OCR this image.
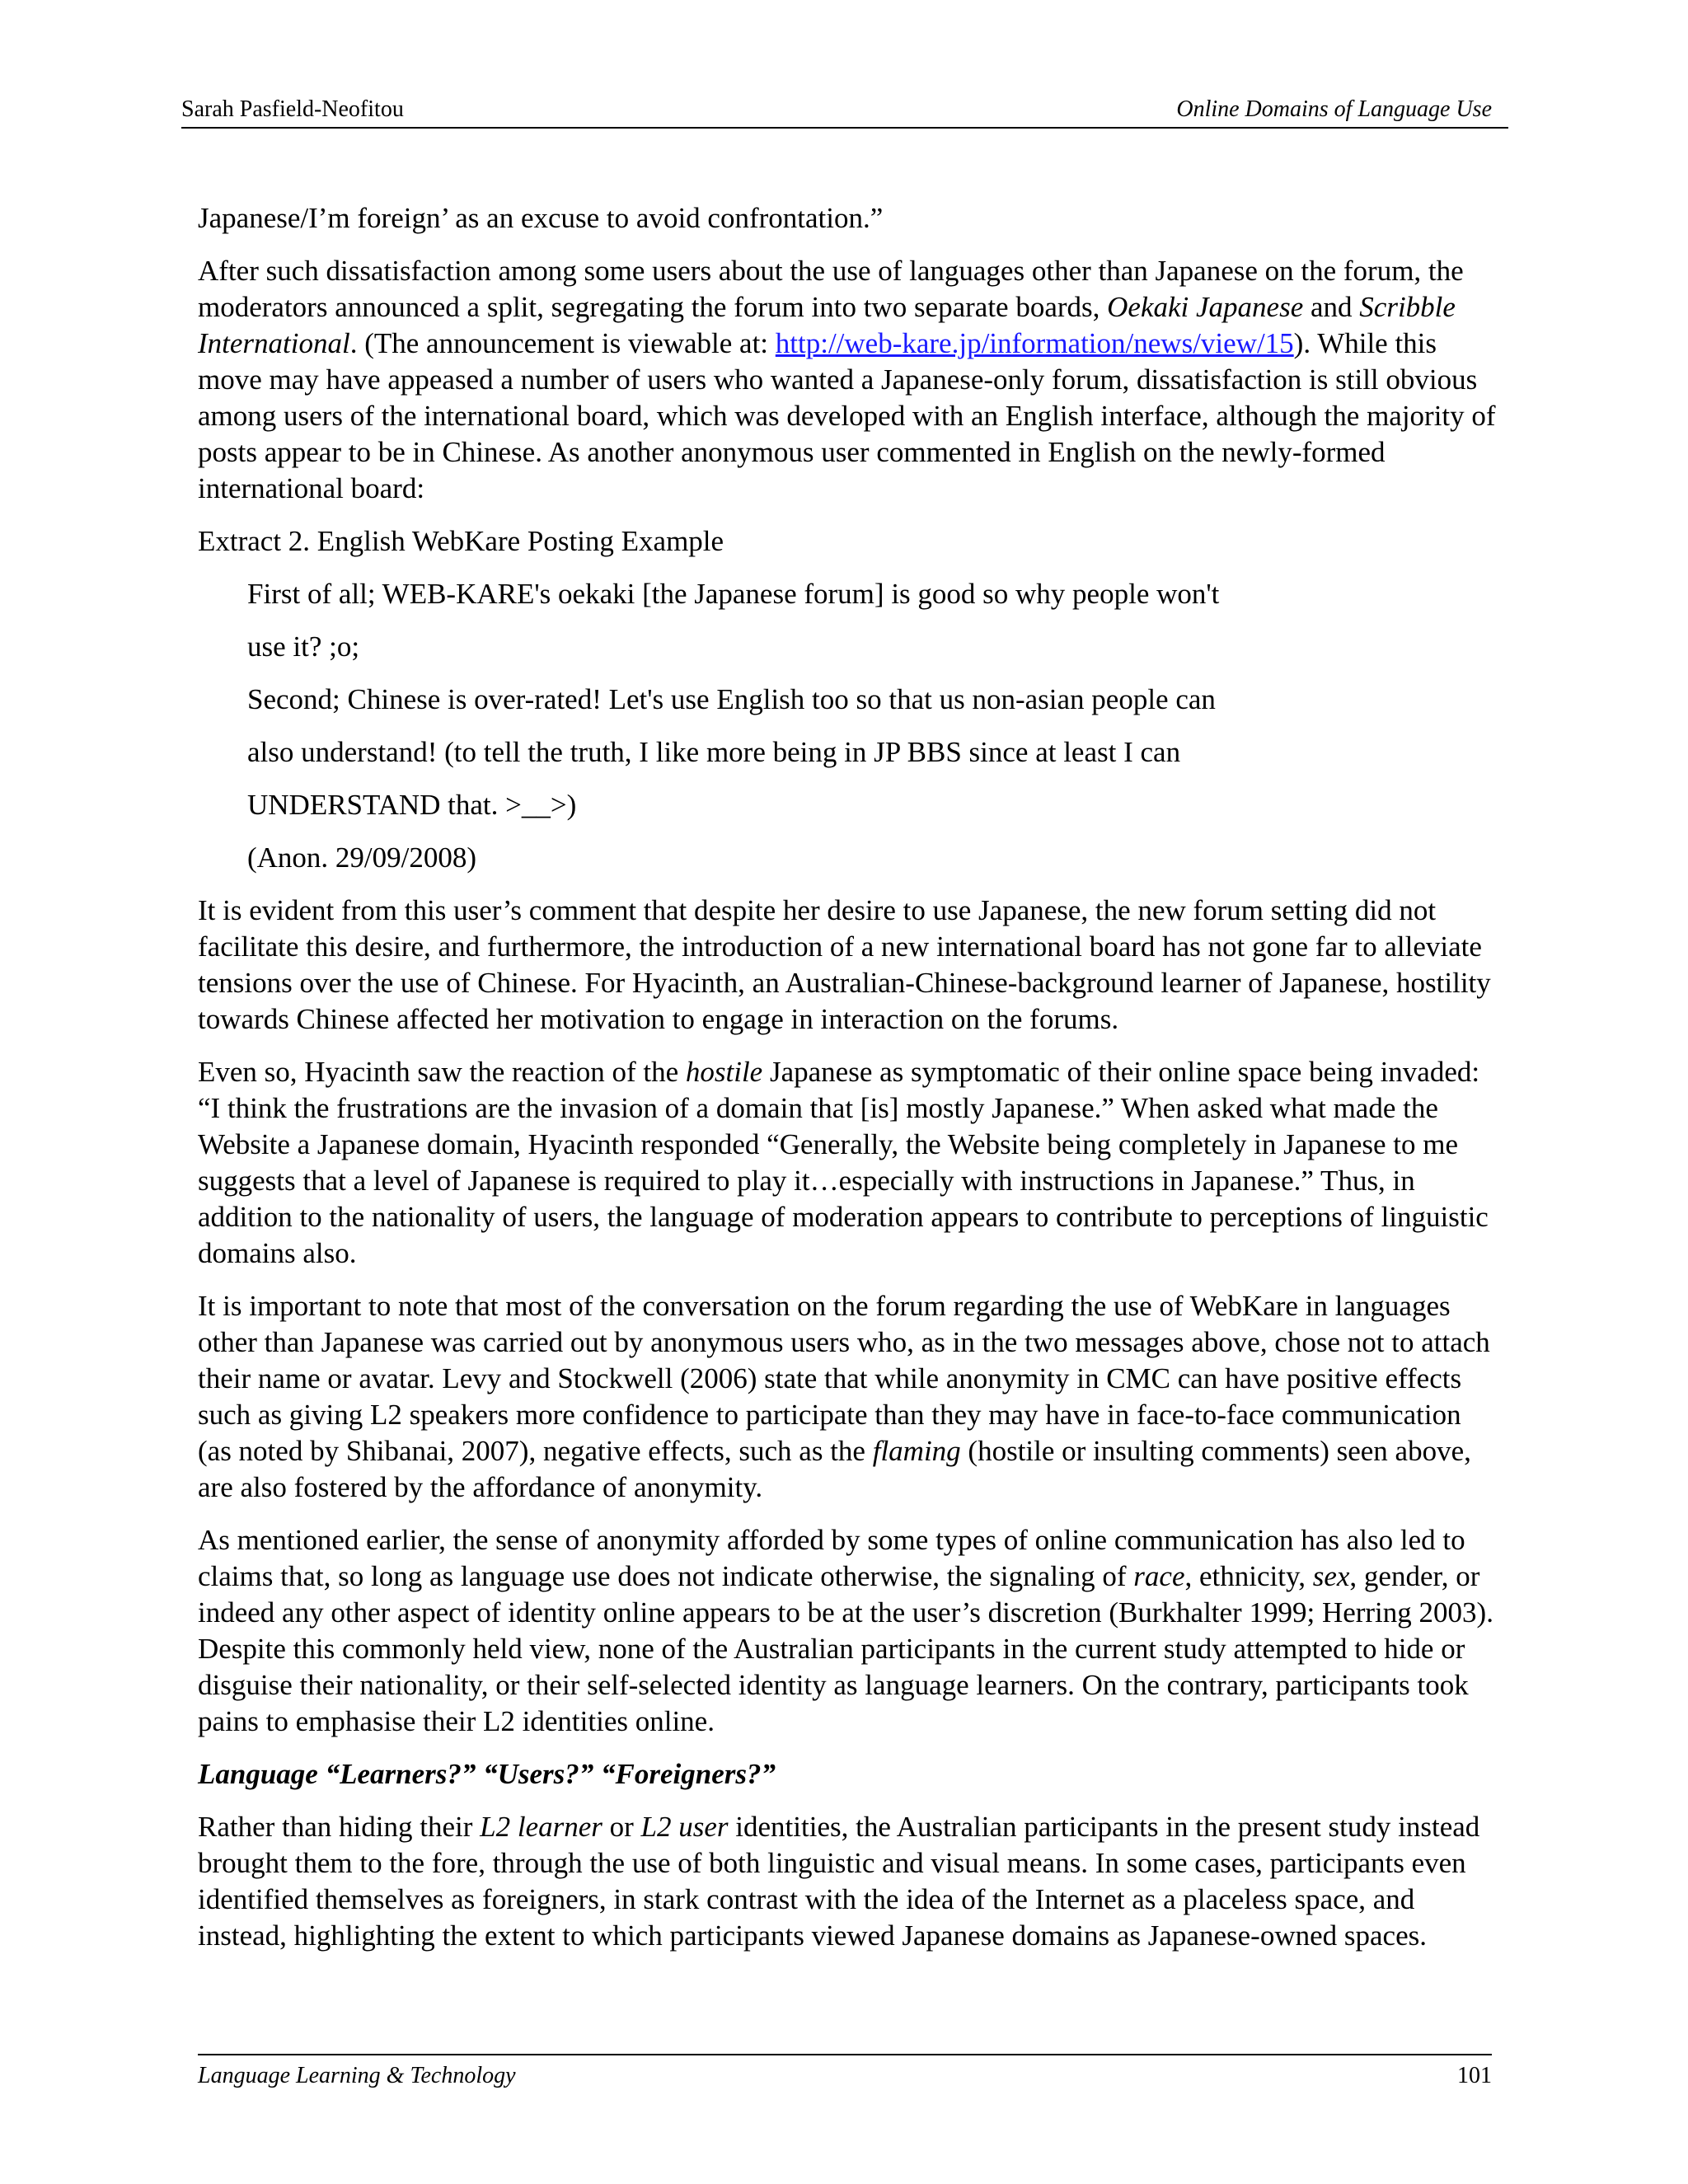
Sarah Pasfield-Neofitou	Online Domains of Language Use

Japanese/I’m foreign’ as an excuse to avoid confrontation.”

After such dissatisfaction among some users about the use of languages other than Japanese on the forum, the moderators announced a split, segregating the forum into two separate boards, Oekaki Japanese and Scribble International. (The announcement is viewable at: http://web-kare.jp/information/news/view/15). While this move may have appeased a number of users who wanted a Japanese-only forum, dissatisfaction is still obvious among users of the international board, which was developed with an English interface, although the majority of posts appear to be in Chinese. As another anonymous user commented in English on the newly-formed international board:

Extract 2. English WebKare Posting Example

First of all; WEB-KARE's oekaki [the Japanese forum] is good so why people won't
use it? ;o;
Second; Chinese is over-rated! Let's use English too so that us non-asian people can
also understand! (to tell the truth, I like more being in JP BBS since at least I can
UNDERSTAND that. >__>)
(Anon. 29/09/2008)

It is evident from this user’s comment that despite her desire to use Japanese, the new forum setting did not facilitate this desire, and furthermore, the introduction of a new international board has not gone far to alleviate tensions over the use of Chinese. For Hyacinth, an Australian-Chinese-background learner of Japanese, hostility towards Chinese affected her motivation to engage in interaction on the forums.

Even so, Hyacinth saw the reaction of the hostile Japanese as symptomatic of their online space being invaded: “I think the frustrations are the invasion of a domain that [is] mostly Japanese.” When asked what made the Website a Japanese domain, Hyacinth responded “Generally, the Website being completely in Japanese to me suggests that a level of Japanese is required to play it…especially with instructions in Japanese.” Thus, in addition to the nationality of users, the language of moderation appears to contribute to perceptions of linguistic domains also.

It is important to note that most of the conversation on the forum regarding the use of WebKare in languages other than Japanese was carried out by anonymous users who, as in the two messages above, chose not to attach their name or avatar. Levy and Stockwell (2006) state that while anonymity in CMC can have positive effects such as giving L2 speakers more confidence to participate than they may have in face-to-face communication (as noted by Shibanai, 2007), negative effects, such as the flaming (hostile or insulting comments) seen above, are also fostered by the affordance of anonymity.

As mentioned earlier, the sense of anonymity afforded by some types of online communication has also led to claims that, so long as language use does not indicate otherwise, the signaling of race, ethnicity, sex, gender, or indeed any other aspect of identity online appears to be at the user’s discretion (Burkhalter 1999; Herring 2003). Despite this commonly held view, none of the Australian participants in the current study attempted to hide or disguise their nationality, or their self-selected identity as language learners. On the contrary, participants took pains to emphasise their L2 identities online.

Language “Learners?” “Users?” “Foreigners?”

Rather than hiding their L2 learner or L2 user identities, the Australian participants in the present study instead brought them to the fore, through the use of both linguistic and visual means. In some cases, participants even identified themselves as foreigners, in stark contrast with the idea of the Internet as a placeless space, and instead, highlighting the extent to which participants viewed Japanese domains as Japanese-owned spaces.

Language Learning & Technology	101
